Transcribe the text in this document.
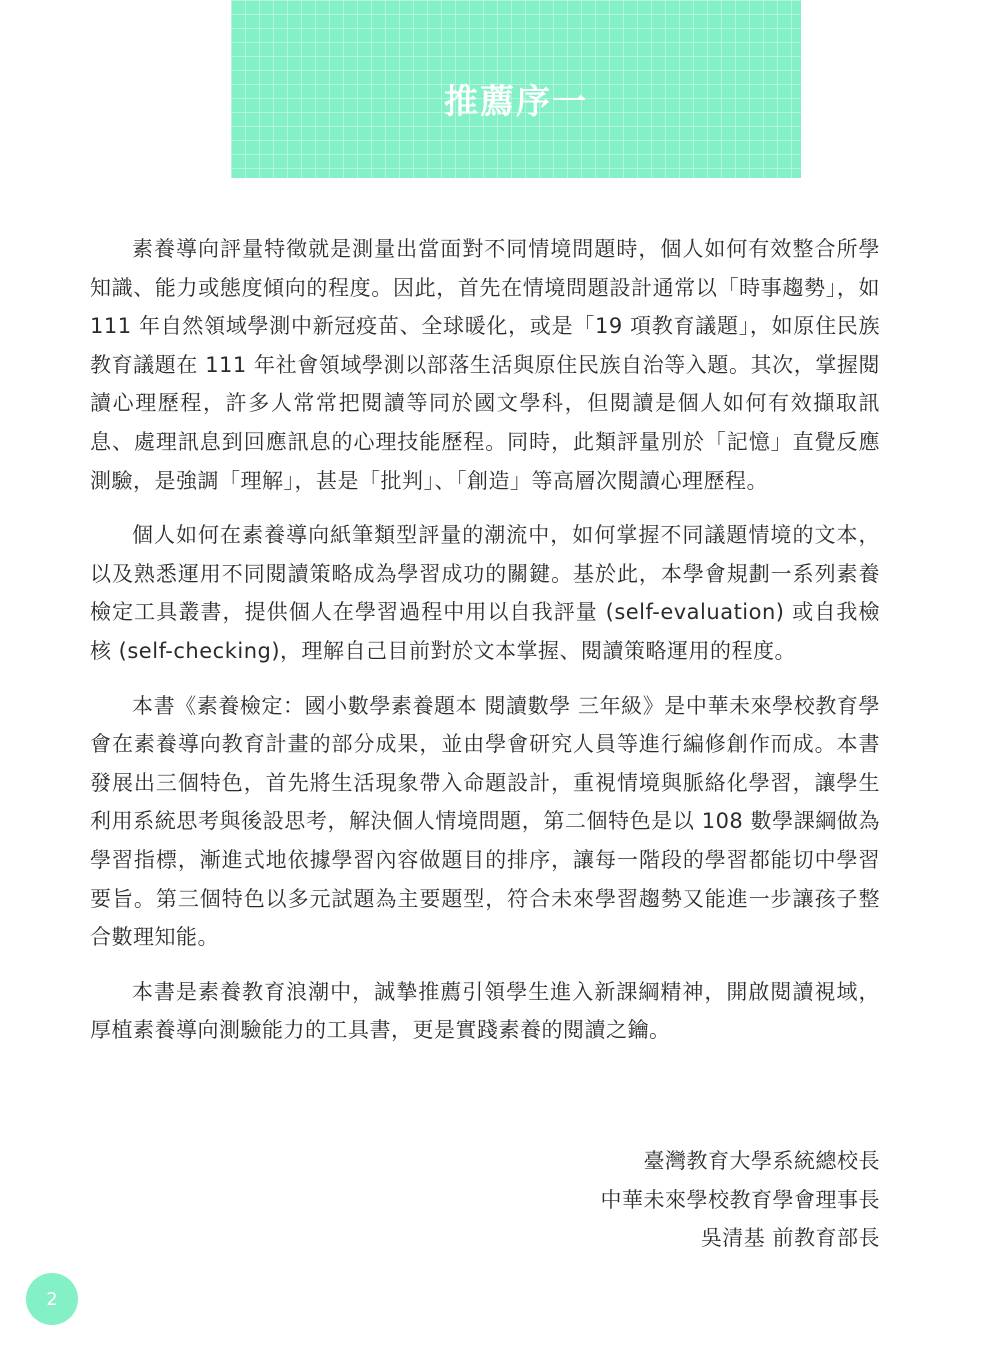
推薦序一

素養導向評量特徵就是測量出當面對不同情境問題時，個人如何有效整合所學知識、能力或態度傾向的程度。因此，首先在情境問題設計通常以「時事趨勢」，如 111 年自然領域學測中新冠疫苗、全球暖化，或是「19 項教育議題」，如原住民族教育議題在 111 年社會領域學測以部落生活與原住民族自治等入題。其次，掌握閱讀心理歷程，許多人常常把閱讀等同於國文學科，但閱讀是個人如何有效擷取訊息、處理訊息到回應訊息的心理技能歷程。同時，此類評量別於「記憶」直覺反應測驗，是強調「理解」，甚是「批判」、「創造」等高層次閱讀心理歷程。

個人如何在素養導向紙筆類型評量的潮流中，如何掌握不同議題情境的文本，以及熟悉運用不同閱讀策略成為學習成功的關鍵。基於此，本學會規劃一系列素養檢定工具叢書，提供個人在學習過程中用以自我評量 (self-evaluation) 或自我檢核 (self-checking)，理解自己目前對於文本掌握、閱讀策略運用的程度。

本書《素養檢定：國小數學素養題本 閱讀數學 三年級》是中華未來學校教育學會在素養導向教育計畫的部分成果，並由學會研究人員等進行編修創作而成。本書發展出三個特色，首先將生活現象帶入命題設計，重視情境與脈絡化學習，讓學生利用系統思考與後設思考，解決個人情境問題，第二個特色是以 108 數學課綱做為學習指標，漸進式地依據學習內容做題目的排序，讓每一階段的學習都能切中學習要旨。第三個特色以多元試題為主要題型，符合未來學習趨勢又能進一步讓孩子整合數理知能。

本書是素養教育浪潮中，誠摯推薦引領學生進入新課綱精神，開啟閱讀視域，厚植素養導向測驗能力的工具書，更是實踐素養的閱讀之鑰。

臺灣教育大學系統總校長
中華未來學校教育學會理事長
吳清基 前教育部長
2
